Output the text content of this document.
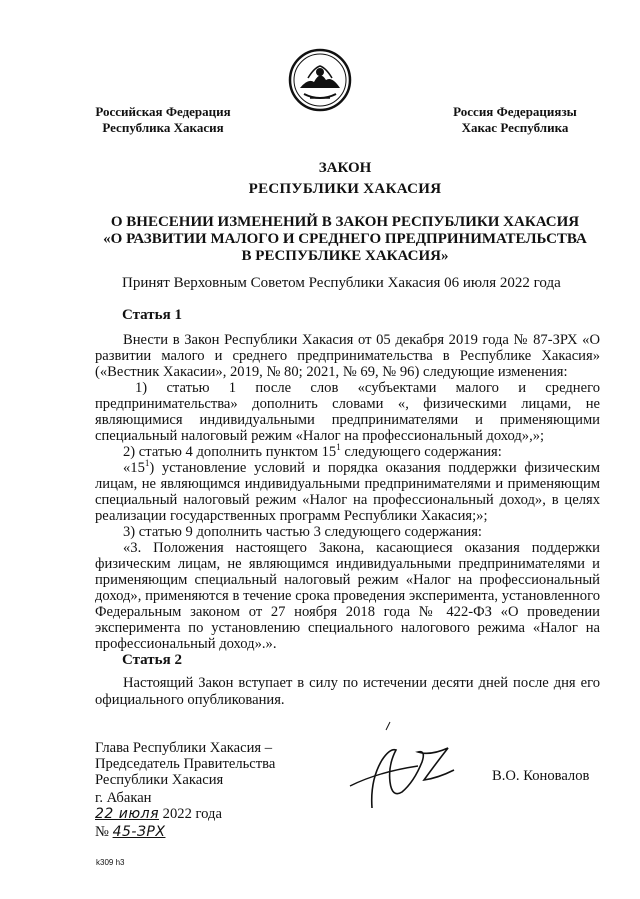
Российская Федерация
Республика Хакасия
Россия Федерациязы
Хакас Республика
ЗАКОН
РЕСПУБЛИКИ ХАКАСИЯ
О ВНЕСЕНИИ ИЗМЕНЕНИЙ В ЗАКОН РЕСПУБЛИКИ ХАКАСИЯ
«О РАЗВИТИИ МАЛОГО И СРЕДНЕГО ПРЕДПРИНИМАТЕЛЬСТВА
В РЕСПУБЛИКЕ ХАКАСИЯ»
Принят Верховным Советом Республики Хакасия 06 июля 2022 года
Статья 1

Внести в Закон Республики Хакасия от 05 декабря 2019 года № 87-ЗРХ «О развитии малого и среднего предпринимательства в Республике Хакасия» («Вестник Хакасии», 2019, № 80; 2021, № 69, № 96) следующие изменения:

1) статью 1 после слов «субъектами малого и среднего предпринимательства» дополнить словами «, физическими лицами, не являющимися индивидуальными предпринимателями и применяющими специальный налоговый режим «Налог на профессиональный доход»,»;

2) статью 4 дополнить пунктом $15^1$ следующего содержания:

«$15^1$) установление условий и порядка оказания поддержки физическим лицам, не являющимся индивидуальными предпринимателями и применяющим специальный налоговый режим «Налог на профессиональный доход», в целях реализации государственных программ Республики Хакасия;»;

3) статью 9 дополнить частью 3 следующего содержания:

«3. Положения настоящего Закона, касающиеся оказания поддержки физическим лицам, не являющимся индивидуальными предпринимателями и применяющим специальный налоговый режим «Налог на профессиональный доход», применяются в течение срока проведения эксперимента, установленного Федеральным законом от 27 ноября 2018 года № 422-ФЗ «О проведении эксперимента по установлению специального налогового режима «Налог на профессиональный доход».».

Статья 2

Настоящий Закон вступает в силу по истечении десяти дней после дня его официального опубликования.

Глава Республики Хакасия –
Председатель Правительства
Республики Хакасия	В.О. Коновалов
г. Абакан
22 июля 2022 года
№ 45-ЗРХ
k309 h3
